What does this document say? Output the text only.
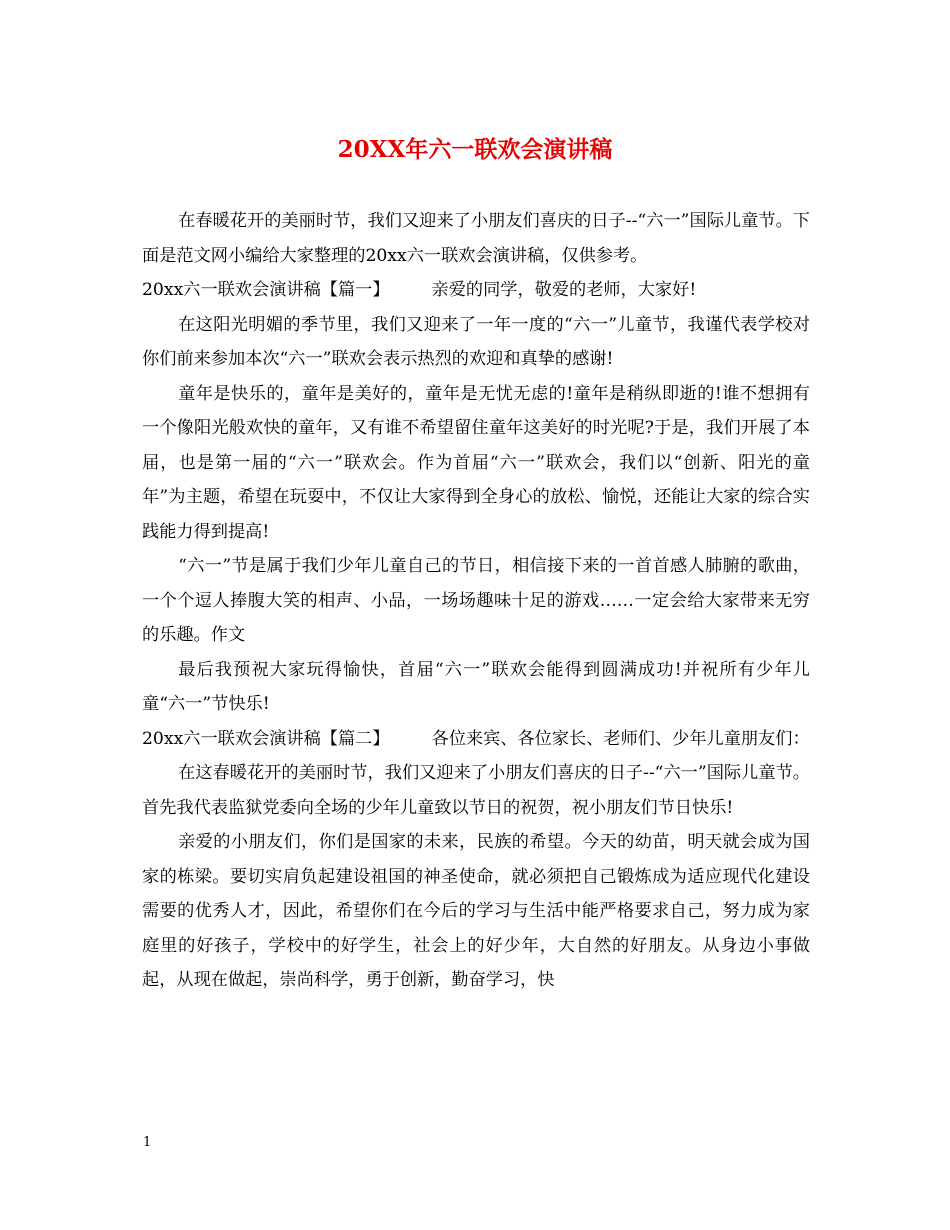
20XX年六一联欢会演讲稿

在春暖花开的美丽时节，我们又迎来了小朋友们喜庆的日子--“六一”国际儿童节。下面是范文网小编给大家整理的20xx六一联欢会演讲稿，仅供参考。

20xx六一联欢会演讲稿【篇一】 亲爱的同学，敬爱的老师，大家好!

在这阳光明媚的季节里，我们又迎来了一年一度的“六一”儿童节，我谨代表学校对你们前来参加本次“六一”联欢会表示热烈的欢迎和真挚的感谢!

童年是快乐的，童年是美好的，童年是无忧无虑的!童年是稍纵即逝的!谁不想拥有一个像阳光般欢快的童年，又有谁不希望留住童年这美好的时光呢?于是，我们开展了本届，也是第一届的“六一”联欢会。作为首届“六一”联欢会，我们以“创新、阳光的童年”为主题，希望在玩耍中，不仅让大家得到全身心的放松、愉悦，还能让大家的综合实践能力得到提高!

“六一”节是属于我们少年儿童自己的节日，相信接下来的一首首感人肺腑的歌曲，一个个逗人捧腹大笑的相声、小品，一场场趣味十足的游戏……一定会给大家带来无穷的乐趣。作文

最后我预祝大家玩得愉快，首届“六一”联欢会能得到圆满成功!并祝所有少年儿童“六一”节快乐!

20xx六一联欢会演讲稿【篇二】 各位来宾、各位家长、老师们、少年儿童朋友们：

在这春暖花开的美丽时节，我们又迎来了小朋友们喜庆的日子--“六一”国际儿童节。首先我代表监狱党委向全场的少年儿童致以节日的祝贺，祝小朋友们节日快乐!

亲爱的小朋友们，你们是国家的未来，民族的希望。今天的幼苗，明天就会成为国家的栋梁。要切实肩负起建设祖国的神圣使命，就必须把自己锻炼成为适应现代化建设需要的优秀人才，因此，希望你们在今后的学习与生活中能严格要求自己，努力成为家庭里的好孩子，学校中的好学生，社会上的好少年，大自然的好朋友。从身边小事做起，从现在做起，崇尚科学，勇于创新，勤奋学习，快

1
